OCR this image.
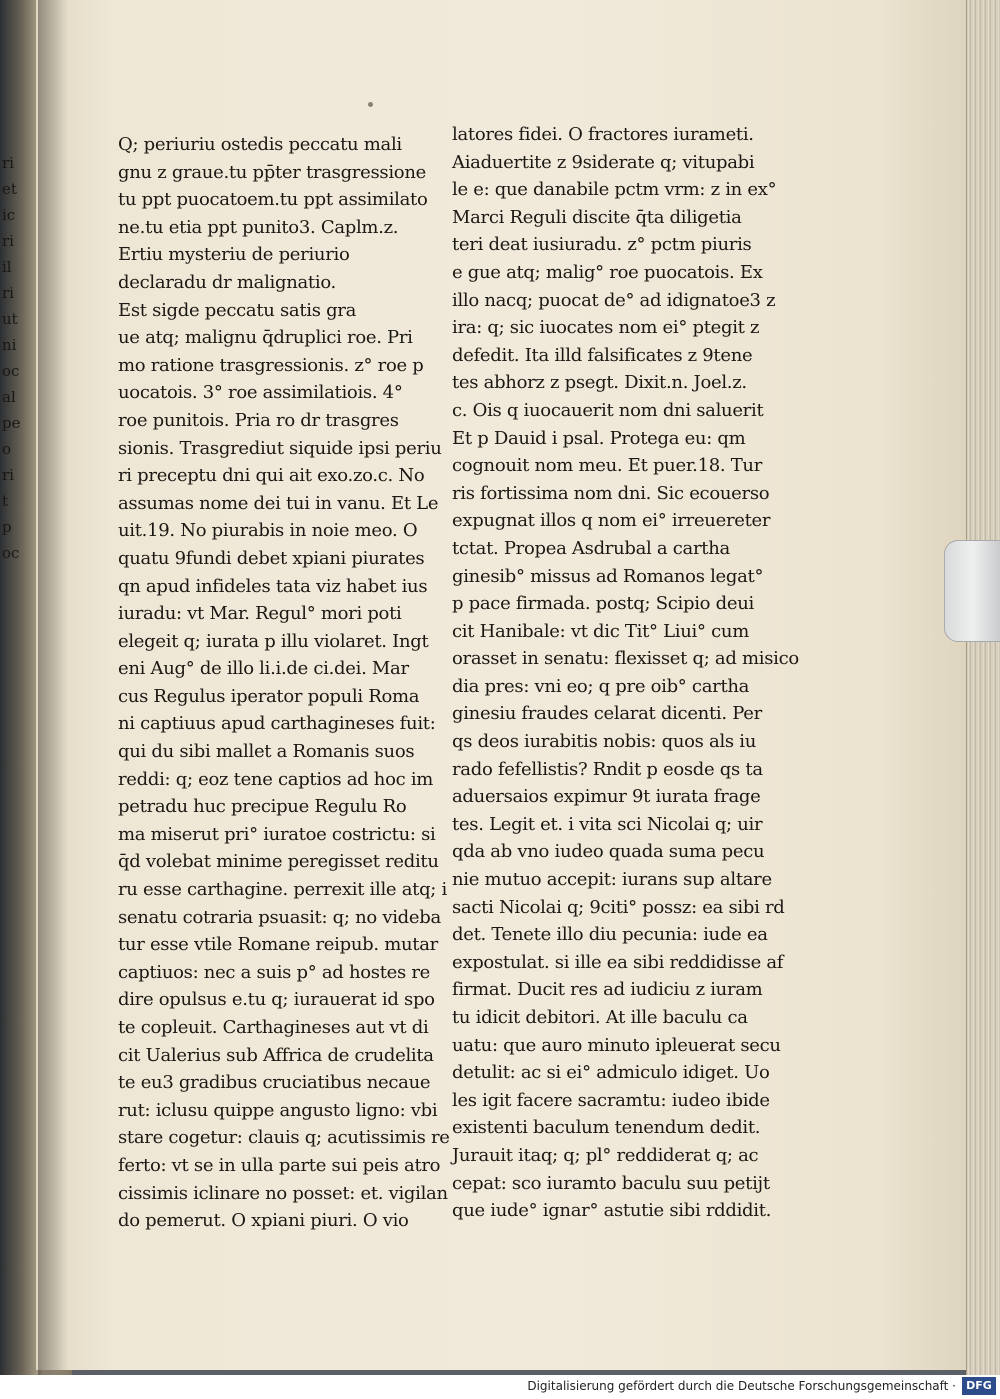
ri
et
ic
ri
il
ri
ut
ni
oc
al
pe
o
ri
t
p
oc
Q; periuriu ostedis peccatu mali
gnu z graue.tu pp̄ter trasgressione
tu ppt puocatoem.tu ppt assimilato
ne.tu etia ppt punito3. Caplm.z.
Ertiu mysteriu de periurio
declaradu dr malignatio.
Est sigde peccatu satis gra
ue atq; malignu q̄druplici roe. Pri
mo ratione trasgressionis. z° roe p
uocatois. 3° roe assimilatiois. 4°
roe punitois. Pria ro dr trasgres
sionis. Trasgrediut siquide ipsi periu
ri preceptu dni qui ait exo.zo.c. No
assumas nome dei tui in vanu. Et Le
uit.19. No piurabis in noie meo. O
quatu 9fundi debet xpiani piurates
qn apud infideles tata viz habet ius
iuradu: vt Mar. Regul° mori poti
elegeit q; iurata p illu violaret. Ingt
eni Aug° de illo li.i.de ci.dei. Mar
cus Regulus iperator populi Roma
ni captiuus apud carthagineses fuit:
qui du sibi mallet a Romanis suos
reddi: q; eoz tene captios ad hoc im
petradu huc precipue Regulu Ro
ma miserut pri° iuratoe costrictu: si
q̄d volebat minime peregisset reditu
ru esse carthagine. perrexit ille atq; i
senatu cotraria psuasit: q; no videba
tur esse vtile Romane reipub. mutar
captiuos: nec a suis p° ad hostes re
dire opulsus e.tu q; iurauerat id spo
te copleuit. Carthagineses aut vt di
cit Ualerius sub Affrica de crudelita
te eu3 gradibus cruciatibus necaue
rut: iclusu quippe angusto ligno: vbi
stare cogetur: clauis q; acutissimis re
ferto: vt se in ulla parte sui peis atro
cissimis iclinare no posset: et. vigilan
do pemerut. O xpiani piuri. O vio
latores fidei. O fractores iurameti.
Aiaduertite z 9siderate q; vitupabi
le e: que danabile pctm vrm: z in ex°
Marci Reguli discite q̄ta diligetia
teri deat iusiuradu. z° pctm piuris
e gue atq; malig° roe puocatois. Ex
illo nacq; puocat de° ad idignatoe3 z
ira: q; sic iuocates nom ei° ptegit z
defedit. Ita illd falsificates z 9tene
tes abhorz z psegt. Dixit.n. Joel.z.
c. Ois q iuocauerit nom dni saluerit
Et p Dauid i psal. Protega eu: qm
cognouit nom meu. Et puer.18. Tur
ris fortissima nom dni. Sic ecouerso
expugnat illos q nom ei° irreuereter
tctat. Propea Asdrubal a cartha
ginesib° missus ad Romanos legat°
p pace firmada. postq; Scipio deui
cit Hanibale: vt dic Tit° Liui° cum
orasset in senatu: flexisset q; ad misico
dia pres: vni eo; q pre oib° cartha
ginesiu fraudes celarat dicenti. Per
qs deos iurabitis nobis: quos als iu
rado fefellistis? Rndit p eosde qs ta
aduersaios expimur 9t iurata frage
tes. Legit et. i vita sci Nicolai q; uir
qda ab vno iudeo quada suma pecu
nie mutuo accepit: iurans sup altare
sacti Nicolai q; 9citi° possz: ea sibi rd
det. Tenete illo diu pecunia: iude ea
expostulat. si ille ea sibi reddidisse af
firmat. Ducit res ad iudiciu z iuram
tu idicit debitori. At ille baculu ca
uatu: que auro minuto ipleuerat secu
detulit: ac si ei° admiculo idiget. Uo
les igit facere sacramtu: iudeo ibide
existenti baculum tenendum dedit.
Jurauit itaq; q; pl° reddiderat q; ac
cepat: sco iuramto baculu suu petijt
que iude° ignar° astutie sibi rddidit.
Digitalisierung gefördert durch die Deutsche Forschungsgemeinschaft · DFG
